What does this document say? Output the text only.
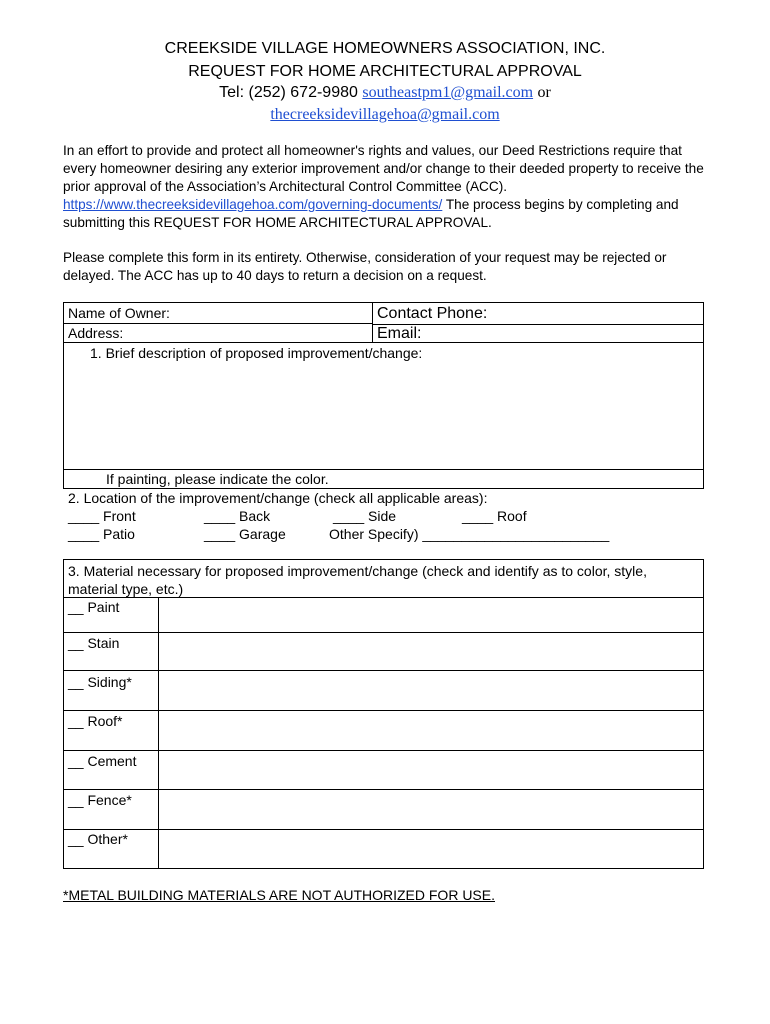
CREEKSIDE VILLAGE HOMEOWNERS ASSOCIATION, INC.
REQUEST FOR HOME ARCHITECTURAL APPROVAL
Tel: (252) 672-9980 southeastpm1@gmail.com or
thecreeksidevillagehoa@gmail.com
In an effort to provide and protect all homeowner's rights and values, our Deed Restrictions require that every homeowner desiring any exterior improvement and/or change to their deeded property to receive the prior approval of the Association’s Architectural Control Committee (ACC). https://www.thecreeksidevillagehoa.com/governing-documents/ The process begins by completing and submitting this REQUEST FOR HOME ARCHITECTURAL APPROVAL.
Please complete this form in its entirety. Otherwise, consideration of your request may be rejected or delayed. The ACC has up to 40 days to return a decision on a request.
Name of Owner:	Contact Phone:
Address:	Email:
1. Brief description of proposed improvement/change:
If painting, please indicate the color.
2. Location of the improvement/change (check all applicable areas):
____ Front	____ Back	____ Side	____ Roof
____ Patio	____ Garage	Other Specify) ________________________
3. Material necessary for proposed improvement/change (check and identify as to color, style,
material type, etc.)
__ Paint
__ Stain
__ Siding*
__ Roof*
__ Cement
__ Fence*
__ Other*
*METAL BUILDING MATERIALS ARE NOT AUTHORIZED FOR USE.
